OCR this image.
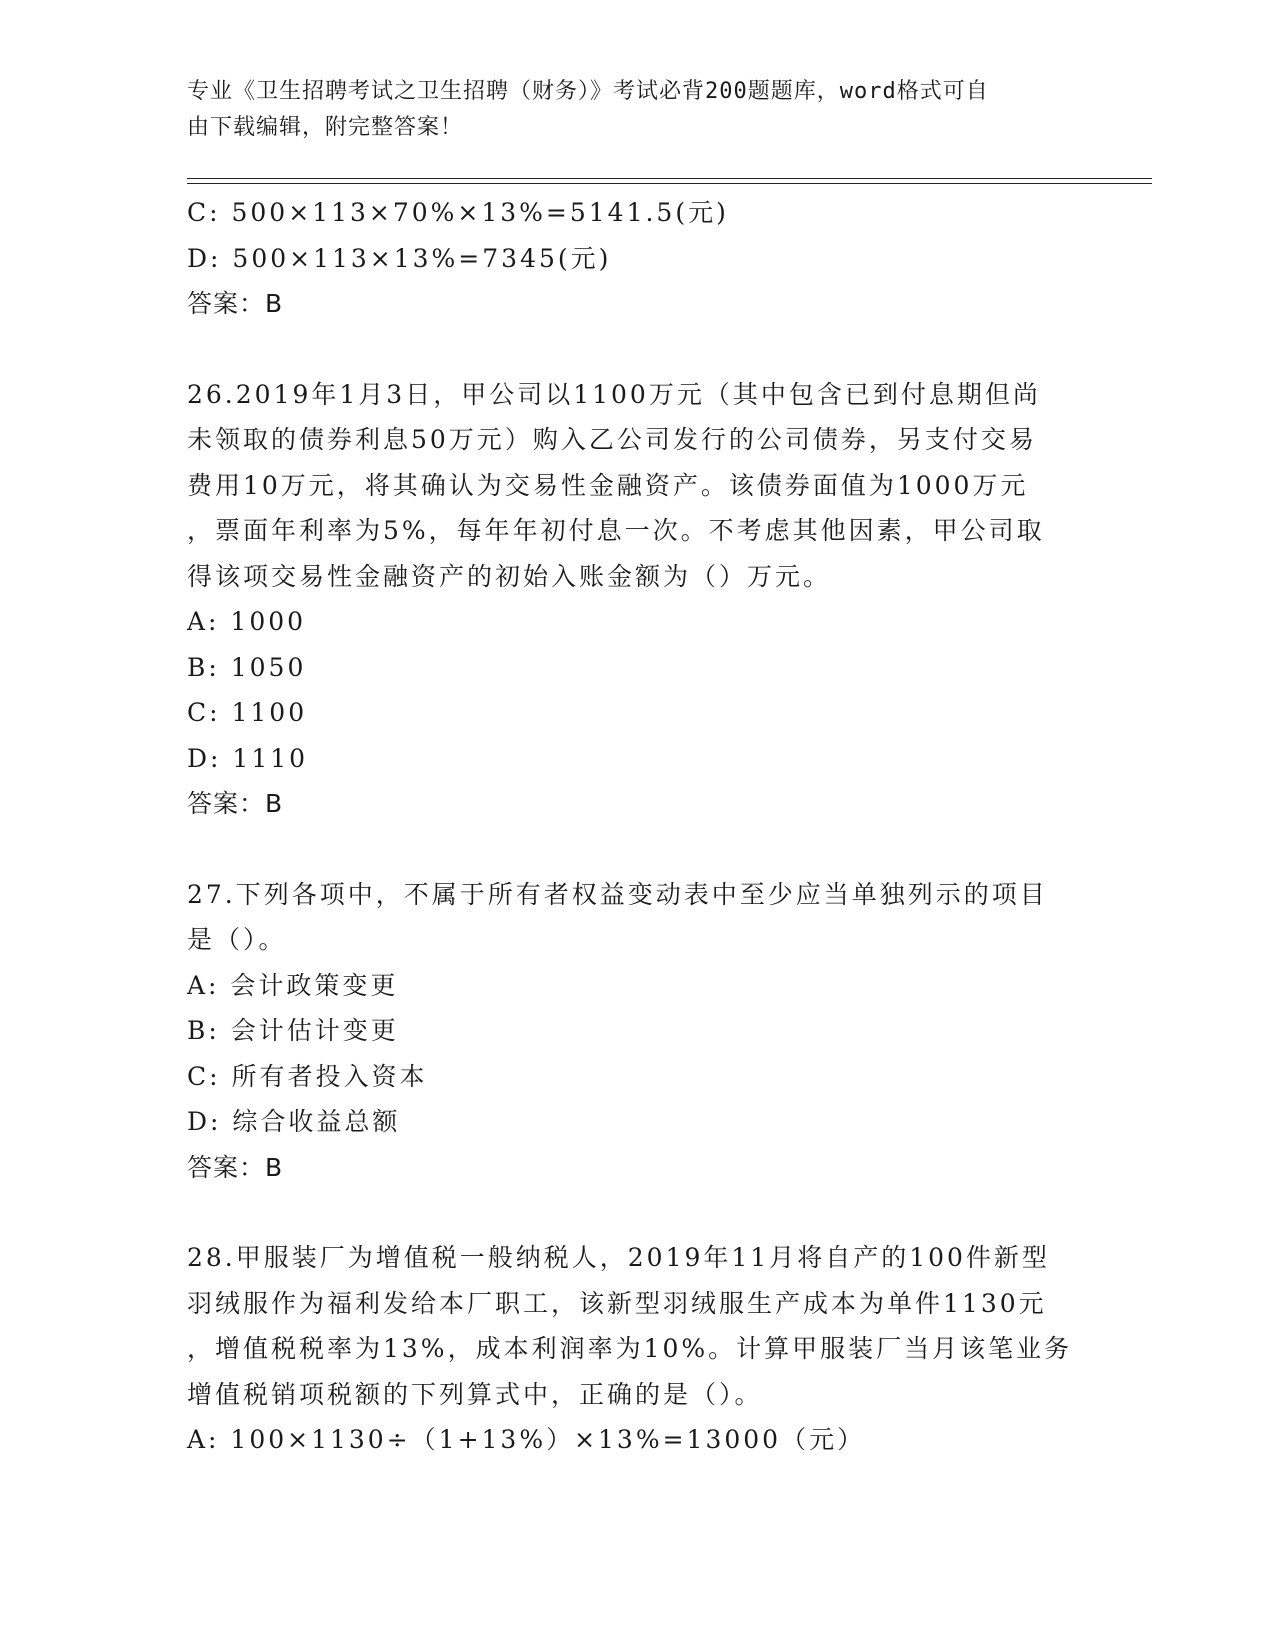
专业《卫生招聘考试之卫生招聘（财务）》考试必背200题题库，word格式可自
由下载编辑，附完整答案！
C: 500×113×70%×13%=5141.5(元)
D: 500×113×13%=7345(元)
答案：B
26.2019年1月3日，甲公司以1100万元（其中包含已到付息期但尚
未领取的债券利息50万元）购入乙公司发行的公司债券，另支付交易
费用10万元，将其确认为交易性金融资产。该债券面值为1000万元
，票面年利率为5%，每年年初付息一次。不考虑其他因素，甲公司取
得该项交易性金融资产的初始入账金额为（）万元。
A: 1000
B: 1050
C: 1100
D: 1110
答案：B
27.下列各项中，不属于所有者权益变动表中至少应当单独列示的项目
是（）。
A: 会计政策变更
B: 会计估计变更
C: 所有者投入资本
D: 综合收益总额
答案：B
28.甲服装厂为增值税一般纳税人，2019年11月将自产的100件新型
羽绒服作为福利发给本厂职工，该新型羽绒服生产成本为单件1130元
，增值税税率为13%，成本利润率为10%。计算甲服装厂当月该笔业务
增值税销项税额的下列算式中，正确的是（）。
A: 100×1130÷（1+13%）×13%=13000（元）
